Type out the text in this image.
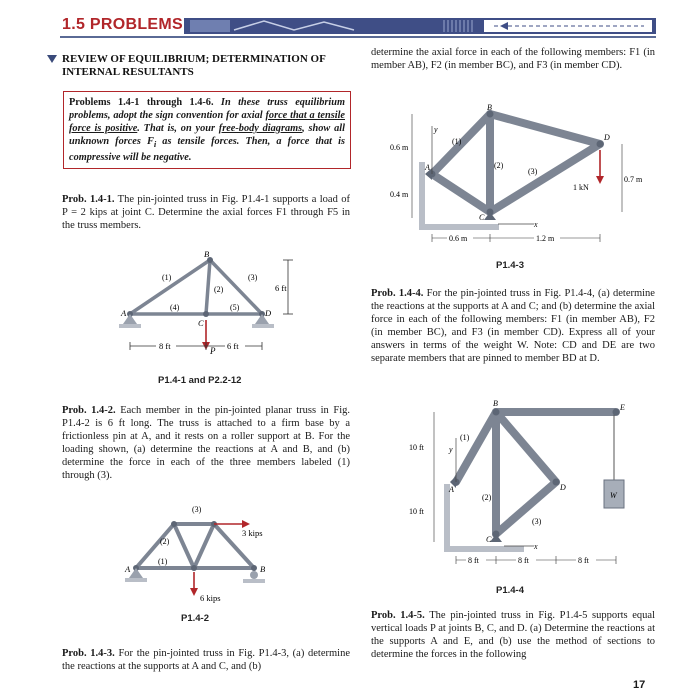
1.5 PROBLEMS
REVIEW OF EQUILIBRIUM; DETERMINATION OF INTERNAL RESULTANTS
Problems 1.4-1 through 1.4-6. In these truss equilibrium problems, adopt the sign convention for axial force that a tensile force is positive. That is, on your free-body diagrams, show all unknown forces $F_i$ as tensile forces. Then, a force that is compressive will be negative.
Prob. 1.4-1. The pin-jointed truss in Fig. P1.4-1 supports a load of P = 2 kips at joint C. Determine the axial forces F1 through F5 in the truss members.
P
6 ft
8 ft	6 ft
(1)
(2)
(3)
(4)	(5)
A
B
C
D
P1.4-1 and P2.2-12
Prob. 1.4-2. Each member in the pin-jointed planar truss in Fig. P1.4-2 is 6 ft long. The truss is attached to a firm base by a frictionless pin at A, and it rests on a roller support at B. For the loading shown, (a) determine the reactions at A and B, and (b) determine the force in each of the three members labeled (1) through (3).
3 kips
6 kips
(3)
(2)
(1)
A	B
P1.4-2
Prob. 1.4-3. For the pin-jointed truss in Fig. P1.4-3, (a) determine the reactions at the supports at A and C, and (b)
determine the axial force in each of the following members: F1 (in member AB), F2 (in member BC), and F3 (in member CD).
1 kN
y
x
0.6 m
0.4 m
0.7 m
0.6 m	1.2 m
(1)
(2)
(3)
A
B
C
D
P1.4-3
Prob. 1.4-4. For the pin-jointed truss in Fig. P1.4-4, (a) determine the reactions at the supports at A and C; and (b) determine the axial force in each of the following members: F1 (in member AB), F2 (in member BC), and F3 (in member CD). Express all of your answers in terms of the weight W. Note: CD and DE are two separate members that are pinned to member BD at D.
W
y
x
10 ft
10 ft
8 ft	8 ft	8 ft
(1)
(2)
(3)
A
B
C
D
E
P1.4-4
Prob. 1.4-5. The pin-jointed truss in Fig. P1.4-5 supports equal vertical loads P at joints B, C, and D. (a) Determine the reactions at the supports A and E, and (b) use the method of sections to determine the forces in the following
17
